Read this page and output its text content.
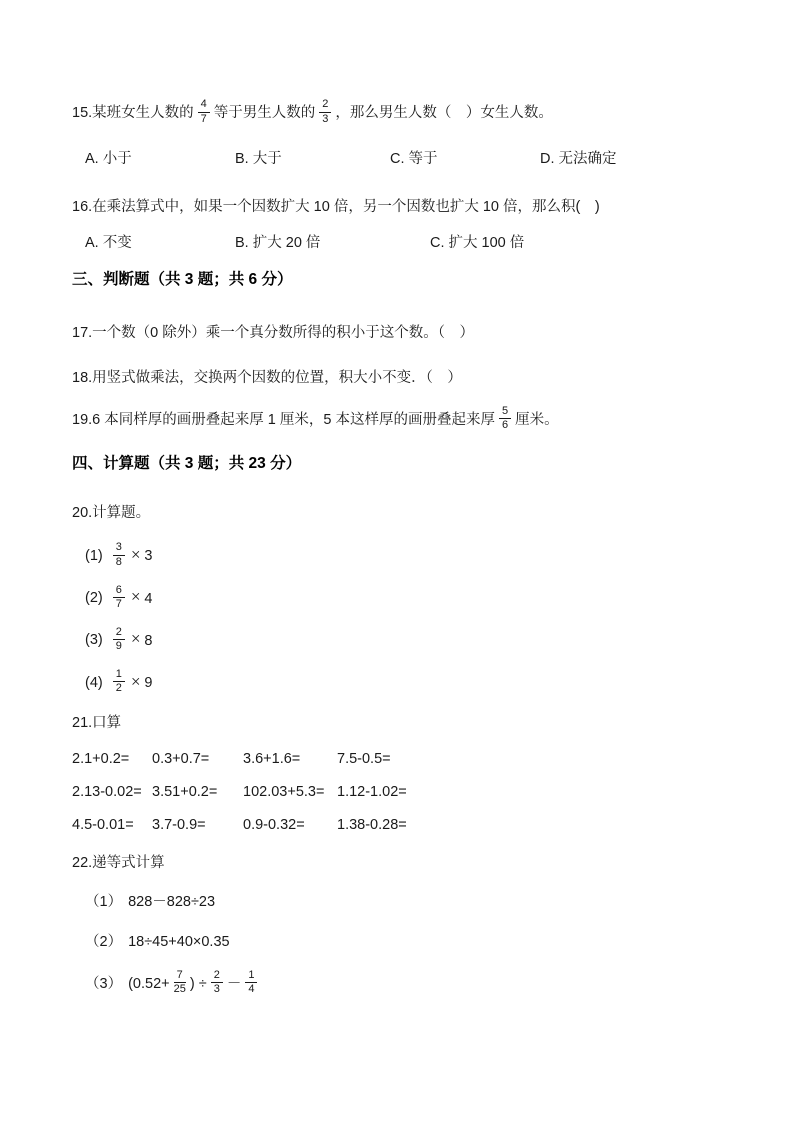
15.某班女生人数的 $\frac{4}{7}$ 等于男生人数的 $\frac{2}{3}$ ，那么男生人数（　）女生人数。
A. 小于	B. 大于	C. 等于	D. 无法确定
16.在乘法算式中，如果一个因数扩大 10 倍，另一个因数也扩大 10 倍，那么积(　)
A. 不变	B. 扩大 20 倍	C. 扩大 100 倍
三、判断题（共 3 题；共 6 分）
17.一个数（0 除外）乘一个真分数所得的积小于这个数。（　）
18.用竖式做乘法，交换两个因数的位置，积大小不变．（　）
19.6 本同样厚的画册叠起来厚 1 厘米，5 本这样厚的画册叠起来厚 $\frac{5}{6}$ 厘米。
四、计算题（共 3 题；共 23 分）
20.计算题。
$(1) \frac{3}{8} \times 3$
$(2) \frac{6}{7} \times 4$
$(3) \frac{2}{9} \times 8$
$(4) \frac{1}{2} \times 9$
21.口算
2.1+0.2=	0.3+0.7=	3.6+1.6=	7.5-0.5=
2.13-0.02= 3.51+0.2=	102.03+5.3= 1.12-1.02=
4.5-0.01=	3.7-0.9=	0.9-0.32=	1.38-0.28=
22.递等式计算
（1） 828－828÷23
（2） 18÷45+40×0.35
（3） ($0.52+ \frac{7}{25}$ ) ÷ $\frac{2}{3} - \frac{1}{4}$
